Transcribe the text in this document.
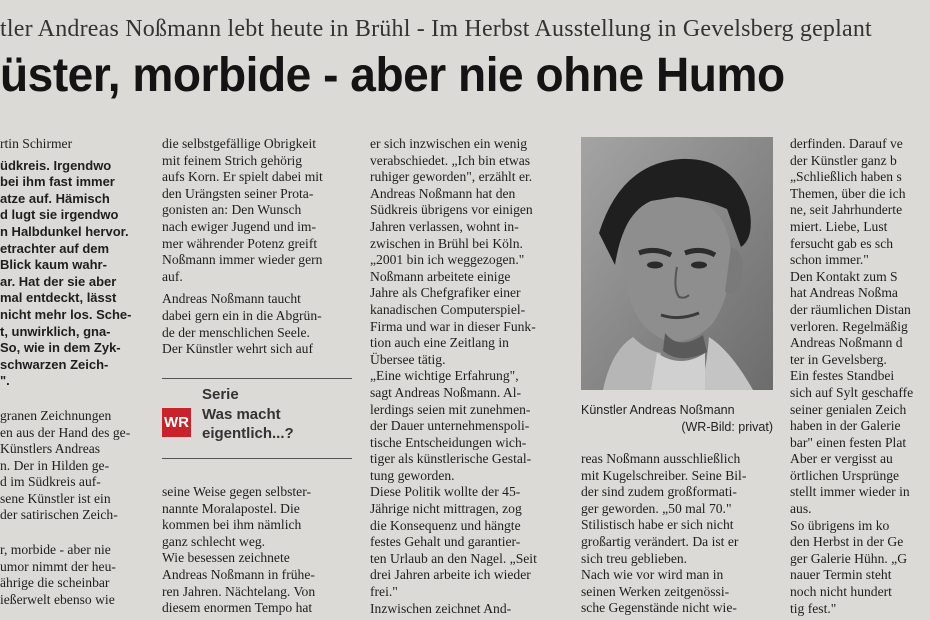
tler Andreas Noßmann lebt heute in Brühl - Im Herbst Ausstellung in Gevelsberg geplant
üster, morbide - aber nie ohne Humo

rtin Schirmer

üdkreis. Irgendwo

bei ihm fast immer

atze auf. Hämisch

d lugt sie irgendwo

n Halbdunkel hervor.

etrachter auf dem

Blick kaum wahr-

ar. Hat der sie aber

mal entdeckt, lässt

nicht mehr los. Sche-

t, unwirklich, gna-

So, wie in dem Zyk-

schwarzen Zeich-

".

granen Zeichnungen

en aus der Hand des ge-

Künstlers Andreas

n. Der in Hilden ge-

d im Südkreis auf-

sene Künstler ist ein

der satirischen Zeich-

r, morbide - aber nie

umor nimmt der heu-

ährige die scheinbar

ießerwelt ebenso wie

die selbstgefällige Obrigkeit

mit feinem Strich gehörig

aufs Korn. Er spielt dabei mit

den Urängsten seiner Prota-

gonisten an: Den Wunsch

nach ewiger Jugend und im-

mer währender Potenz greift

Noßmann immer wieder gern

auf.

Andreas Noßmann taucht

dabei gern ein in die Abgrün-

de der menschlichen Seele.

Der Künstler wehrt sich auf

WR
Serie
Was macht
eigentlich...?

seine Weise gegen selbster-

nannte Moralapostel. Die

kommen bei ihm nämlich

ganz schlecht weg.

Wie besessen zeichnete

Andreas Noßmann in frühe-

ren Jahren. Nächtelang. Von

diesem enormen Tempo hat

er sich inzwischen ein wenig

verabschiedet. „Ich bin etwas

ruhiger geworden", erzählt er.

Andreas Noßmann hat den

Südkreis übrigens vor einigen

Jahren verlassen, wohnt in-

zwischen in Brühl bei Köln.

„2001 bin ich weggezogen."

Noßmann arbeitete einige

Jahre als Chefgrafiker einer

kanadischen Computerspiel-

Firma und war in dieser Funk-

tion auch eine Zeitlang in

Übersee tätig.

„Eine wichtige Erfahrung",

sagt Andreas Noßmann. Al-

lerdings seien mit zunehmen-

der Dauer unternehmenspoli-

tische Entscheidungen wich-

tiger als künstlerische Gestal-

tung geworden.

Diese Politik wollte der 45-

Jährige nicht mittragen, zog

die Konsequenz und hängte

festes Gehalt und garantier-

ten Urlaub an den Nagel. „Seit

drei Jahren arbeite ich wieder

frei."

Inzwischen zeichnet And-

Künstler Andreas Noßmann
(WR-Bild: privat)

reas Noßmann ausschließlich

mit Kugelschreiber. Seine Bil-

der sind zudem großformati-

ger geworden. „50 mal 70."

Stilistisch habe er sich nicht

großartig verändert. Da ist er

sich treu geblieben.

Nach wie vor wird man in

seinen Werken zeitgenössi-

sche Gegenstände nicht wie-

derfinden. Darauf ve

der Künstler ganz b

„Schließlich haben s

Themen, über die ich

ne, seit Jahrhunderte

miert. Liebe, Lust

fersucht gab es sch

schon immer."

Den Kontakt zum S

hat Andreas Noßma

der räumlichen Distan

verloren. Regelmäßig

Andreas Noßmann d

ter in Gevelsberg.

Ein festes Standbei

sich auf Sylt geschaffe

seiner genialen Zeich

haben in der Galerie

bar" einen festen Plat

Aber er vergisst au

örtlichen Ursprünge

stellt immer wieder in

aus.

So übrigens im ko

den Herbst in der Ge

ger Galerie Hühn. „G

nauer Termin steht

noch nicht hundert

tig fest."
